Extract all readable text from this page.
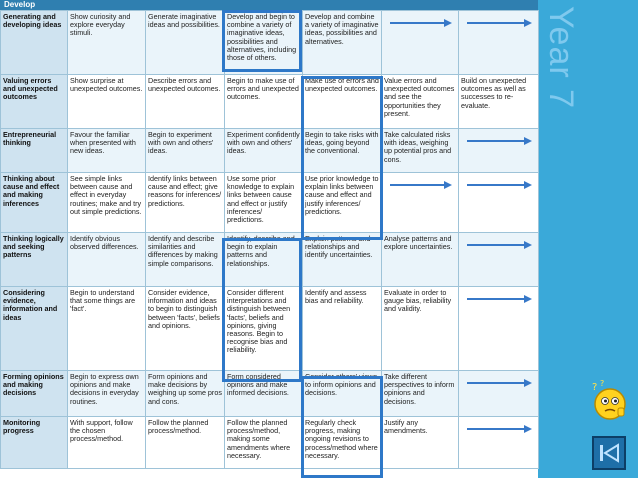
Develop
Generating and developing ideas	Show curiosity and explore everyday stimuli.	Generate imaginative ideas and possibilities.	Develop and begin to combine a variety of imaginative ideas, possibilities and alternatives, including those of others.	Develop and combine a variety of imaginative ideas, possibilities and alternatives.	

Valuing errors and unexpected outcomes	Show surprise at unexpected outcomes.	Describe errors and unexpected outcomes.	Begin to make use of errors and unexpected outcomes.	Make use of errors and unexpected outcomes.	Value errors and unexpected outcomes and see the opportunities they present.	Build on unexpected outcomes as well as successes to re-evaluate.
Entrepreneurial thinking	Favour the familiar when presented with new ideas.	Begin to experiment with own and others' ideas.	Experiment confidently with own and others' ideas.	Begin to take risks with ideas, going beyond the conventional.	Take calculated risks with ideas, weighing up potential pros and cons.	

Thinking about cause and effect and making inferences	See simple links between cause and effect in everyday routines; make and try out simple predictions.	Identify links between cause and effect; give reasons for inferences/ predictions.	Use some prior knowledge to explain links between cause and effect or justify inferences/ predictions.	Use prior knowledge to explain links between cause and effect and justify inferences/ predictions.	

Thinking logically and seeking patterns	Identify obvious observed differences.	Identify and describe similarities and differences by making simple comparisons.	Identify, describe and begin to explain patterns and relationships.	Explain patterns and relationships and identify uncertainties.	Analyse patterns and explore uncertainties.	

Considering evidence, information and ideas	Begin to understand that some things are 'fact'.	Consider evidence, information and ideas to begin to distinguish between 'facts', beliefs and opinions.	Consider different interpretations and distinguish between 'facts', beliefs and opinions, giving reasons. Begin to recognise bias and reliability.	Identify and assess bias and reliability.	Evaluate in order to gauge bias, reliability and validity.	

Forming opinions and making decisions	Begin to express own opinions and make decisions in everyday routines.	Form opinions and make decisions by weighing up some pros and cons.	Form considered opinions and make informed decisions.	Consider others' views to inform opinions and decisions.	Take different perspectives to inform opinions and decisions.	

Monitoring progress	With support, follow the chosen process/method.	Follow the planned process/method.	Follow the planned process/method, making some amendments where necessary.	Regularly check progress, making ongoing revisions to process/method where necessary.	Justify any amendments.	
Year 7
? ?
